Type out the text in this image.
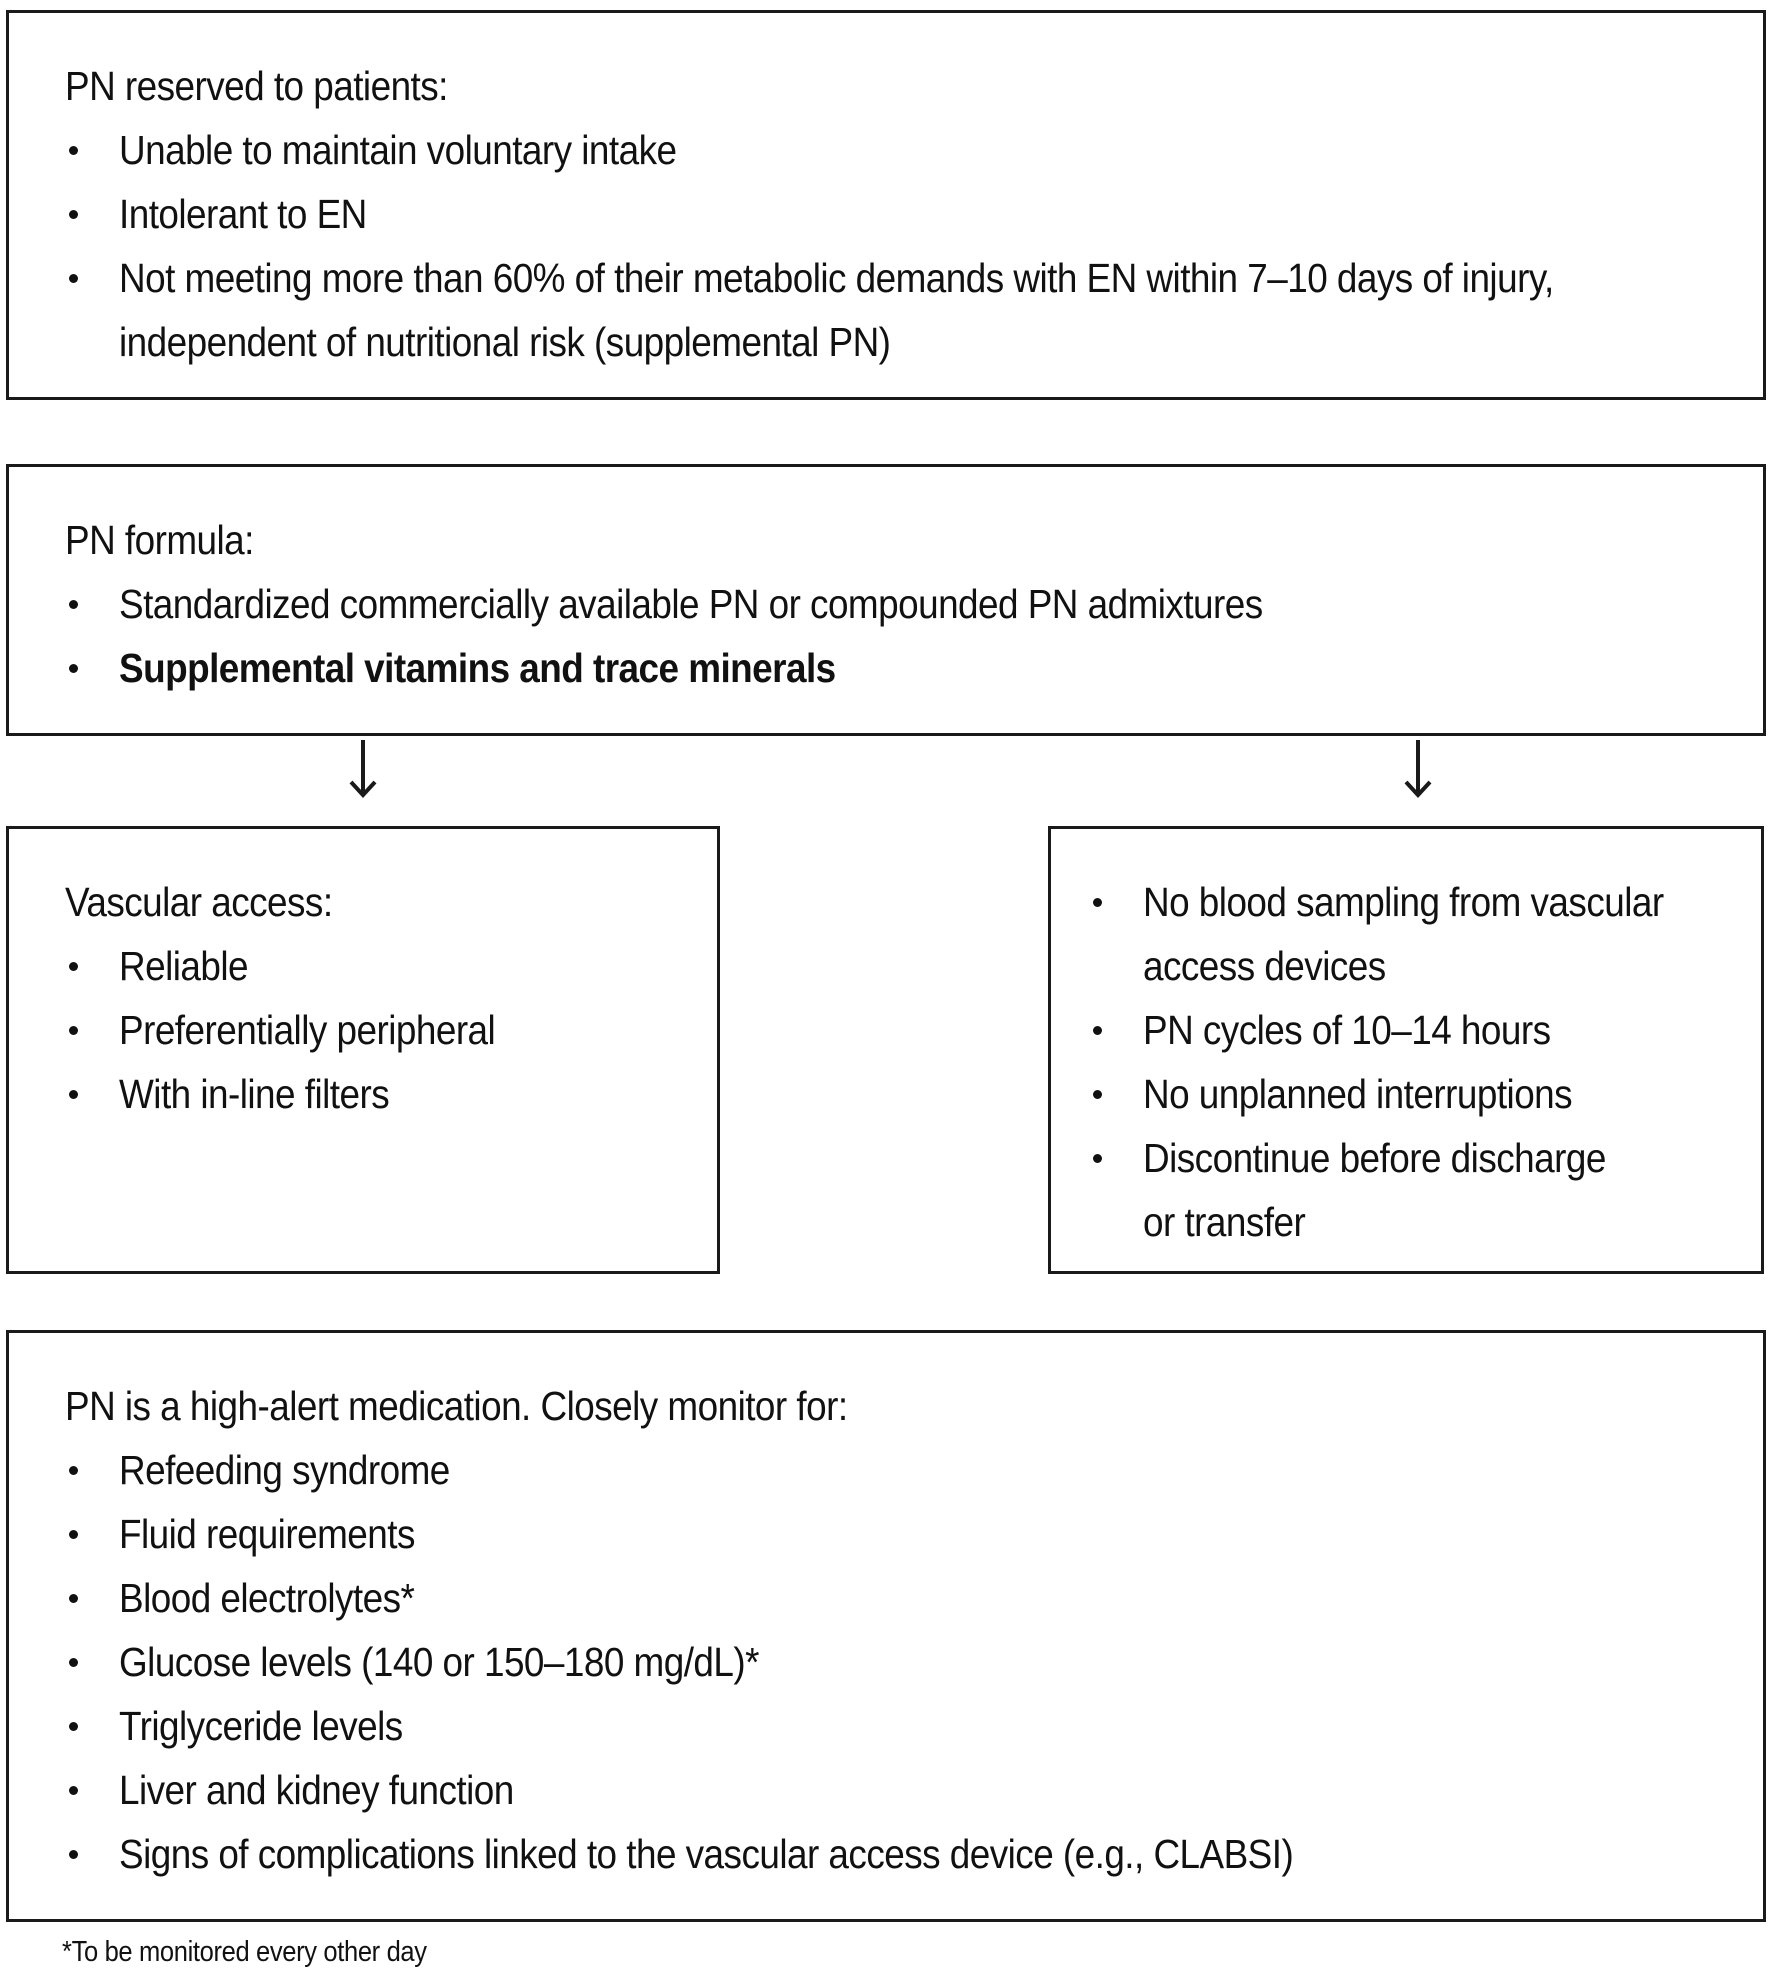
PN reserved to patients:
Unable to maintain voluntary intake
Intolerant to EN
Not meeting more than 60% of their metabolic demands with EN within 7–10 days of injury, independent of nutritional risk (supplemental PN)
PN formula:
Standardized commercially available PN or compounded PN admixtures
Supplemental vitamins and trace minerals
Vascular access:
Reliable
Preferentially peripheral
With in-line filters
No blood sampling from vascular access devices
PN cycles of 10–14 hours
No unplanned interruptions
Discontinue before discharge or transfer
PN is a high-alert medication. Closely monitor for:
Refeeding syndrome
Fluid requirements
Blood electrolytes*
Glucose levels (140 or 150–180 mg/dL)*
Triglyceride levels
Liver and kidney function
Signs of complications linked to the vascular access device (e.g., CLABSI)
*To be monitored every other day
